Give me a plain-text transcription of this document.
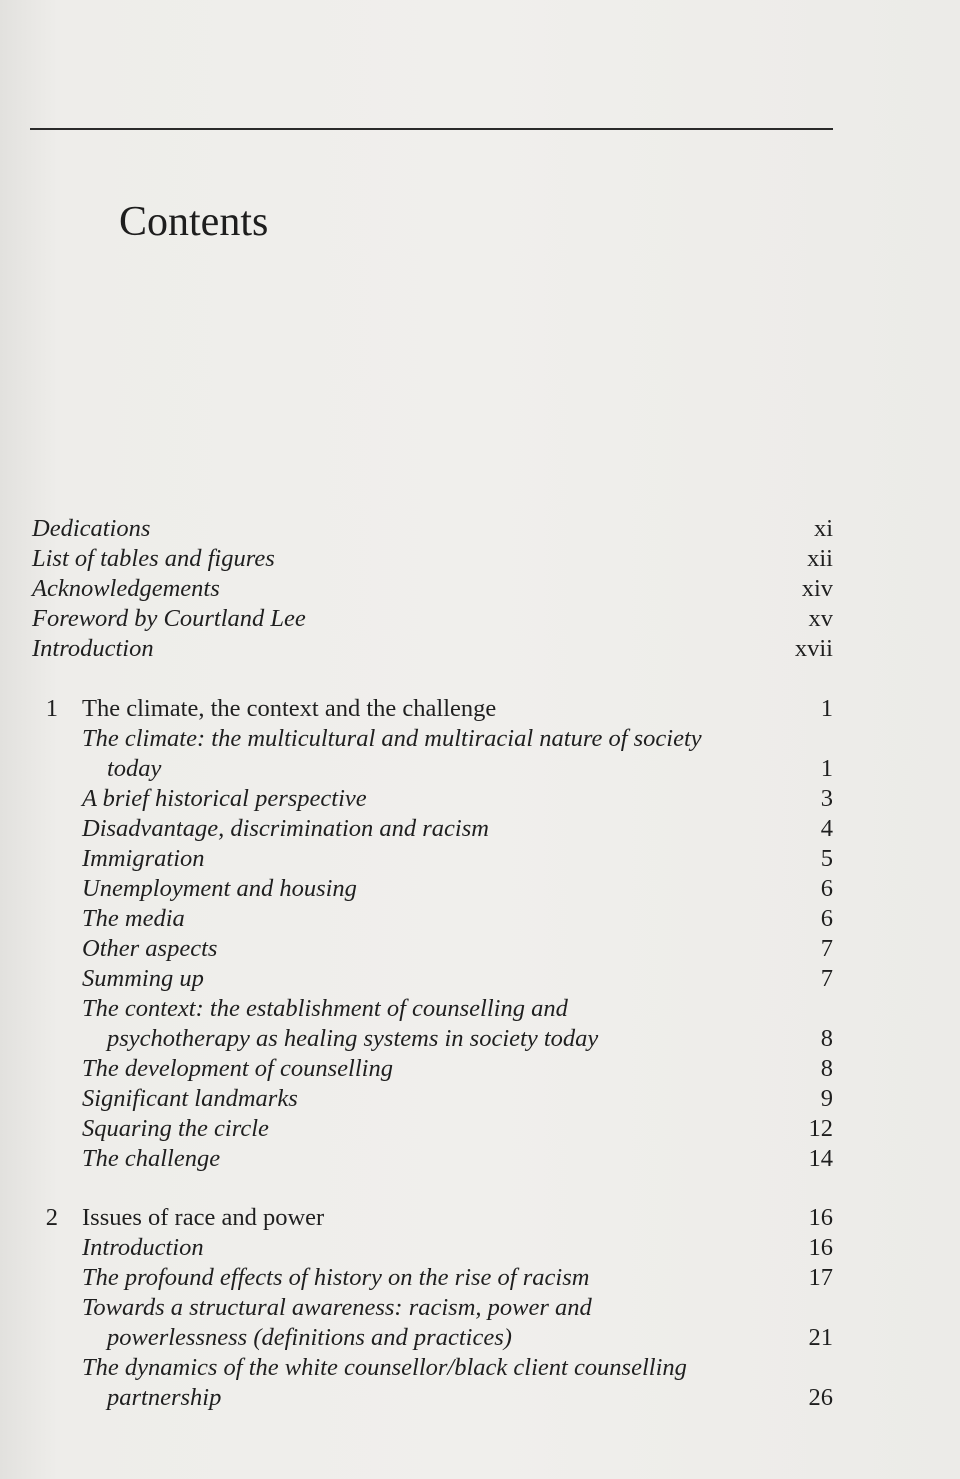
Contents
Dedications	xi
List of tables and figures	xii
Acknowledgements	xiv
Foreword by Courtland Lee	xv
Introduction	xvii
1 The climate, the context and the challenge	1
The climate: the multicultural and multiracial nature of society
today	1
A brief historical perspective	3
Disadvantage, discrimination and racism	4
Immigration	5
Unemployment and housing	6
The media	6
Other aspects	7
Summing up	7
The context: the establishment of counselling and
psychotherapy as healing systems in society today	8
The development of counselling	8
Significant landmarks	9
Squaring the circle	12
The challenge	14
2 Issues of race and power	16
Introduction	16
The profound effects of history on the rise of racism	17
Towards a structural awareness: racism, power and
powerlessness (definitions and practices)	21
The dynamics of the white counsellor/black client counselling
partnership	26
